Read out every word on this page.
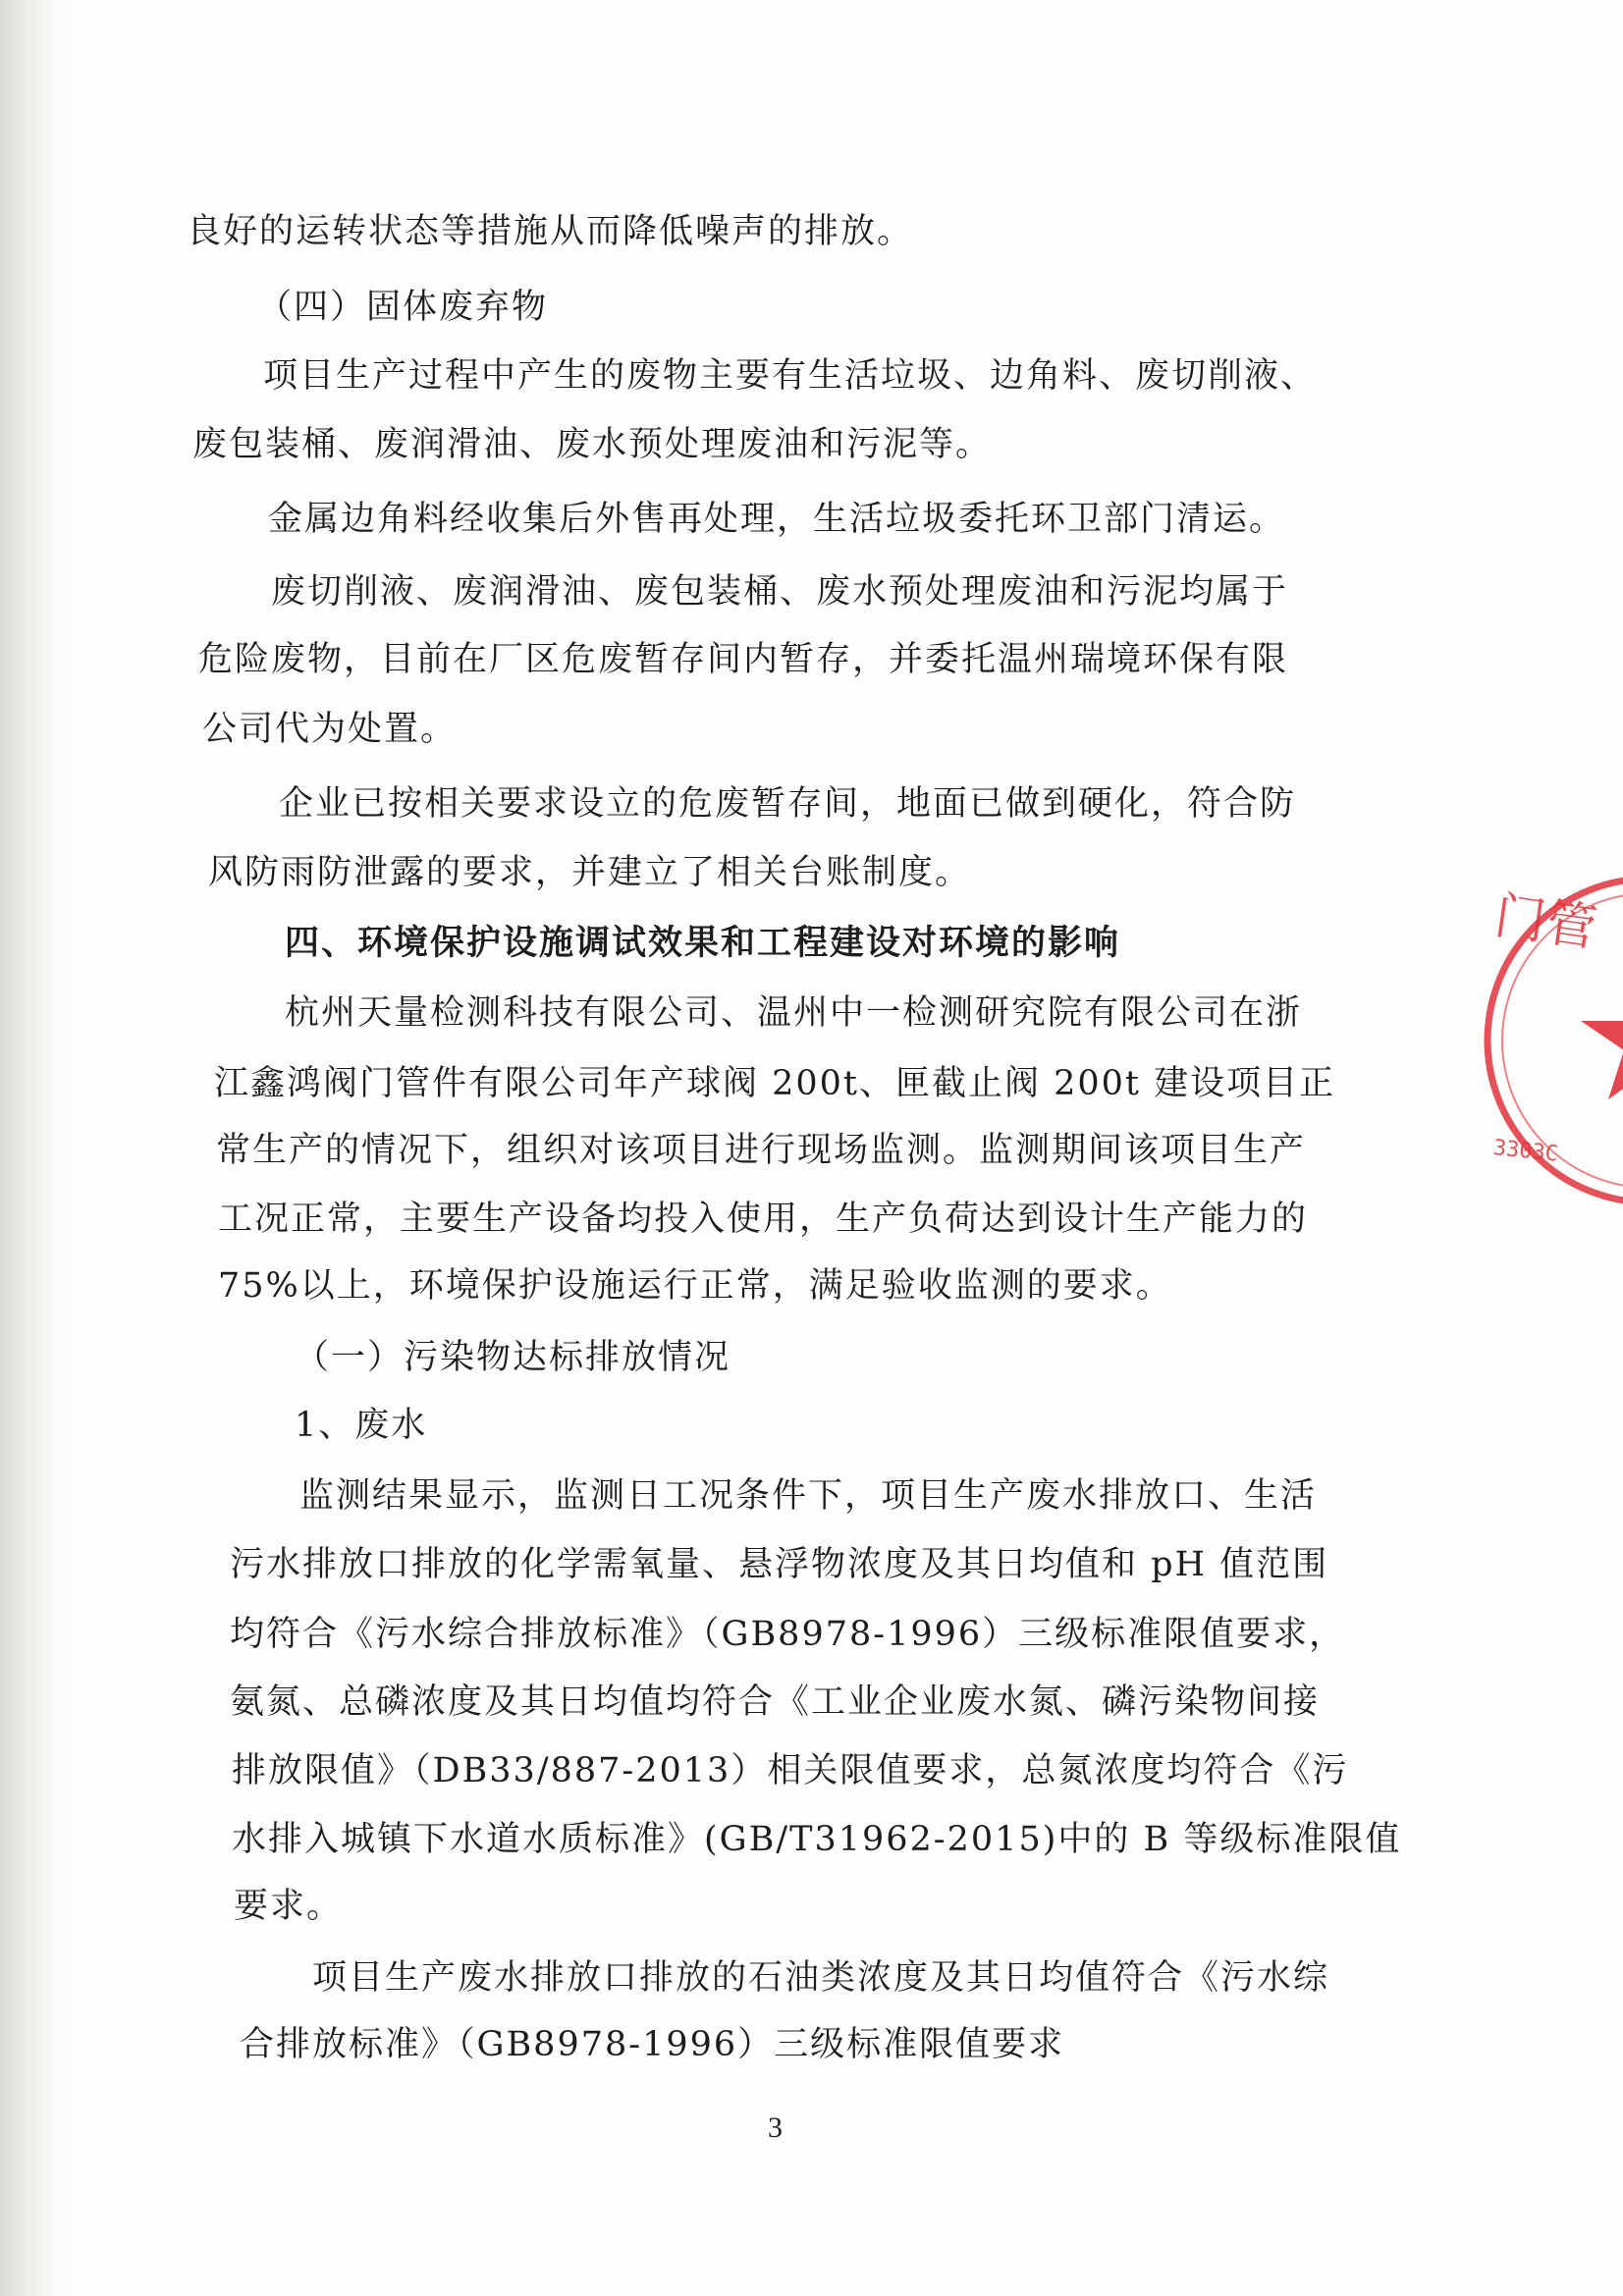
良好的运转状态等措施从而降低噪声的排放。
（四）固体废弃物
项目生产过程中产生的废物主要有生活垃圾、边角料、废切削液、
废包装桶、废润滑油、废水预处理废油和污泥等。
金属边角料经收集后外售再处理，生活垃圾委托环卫部门清运。
废切削液、废润滑油、废包装桶、废水预处理废油和污泥均属于
危险废物，目前在厂区危废暂存间内暂存，并委托温州瑞境环保有限
公司代为处置。
企业已按相关要求设立的危废暂存间，地面已做到硬化，符合防
风防雨防泄露的要求，并建立了相关台账制度。
四、环境保护设施调试效果和工程建设对环境的影响
杭州天量检测科技有限公司、温州中一检测研究院有限公司在浙
江鑫鸿阀门管件有限公司年产球阀 200t、匣截止阀 200t 建设项目正
常生产的情况下，组织对该项目进行现场监测。监测期间该项目生产
工况正常，主要生产设备均投入使用，生产负荷达到设计生产能力的
75%以上，环境保护设施运行正常，满足验收监测的要求。
（一）污染物达标排放情况
1、废水
监测结果显示，监测日工况条件下，项目生产废水排放口、生活
污水排放口排放的化学需氧量、悬浮物浓度及其日均值和 pH 值范围
均符合《污水综合排放标准》（GB8978-1996）三级标准限值要求，
氨氮、总磷浓度及其日均值均符合《工业企业废水氮、磷污染物间接
排放限值》（DB33/887-2013）相关限值要求，总氮浓度均符合《污
水排入城镇下水道水质标准》(GB/T31962-2015)中的 B 等级标准限值
要求。
项目生产废水排放口排放的石油类浓度及其日均值符合《污水综
合排放标准》（GB8978-1996）三级标准限值要求
3
门管
3303C
